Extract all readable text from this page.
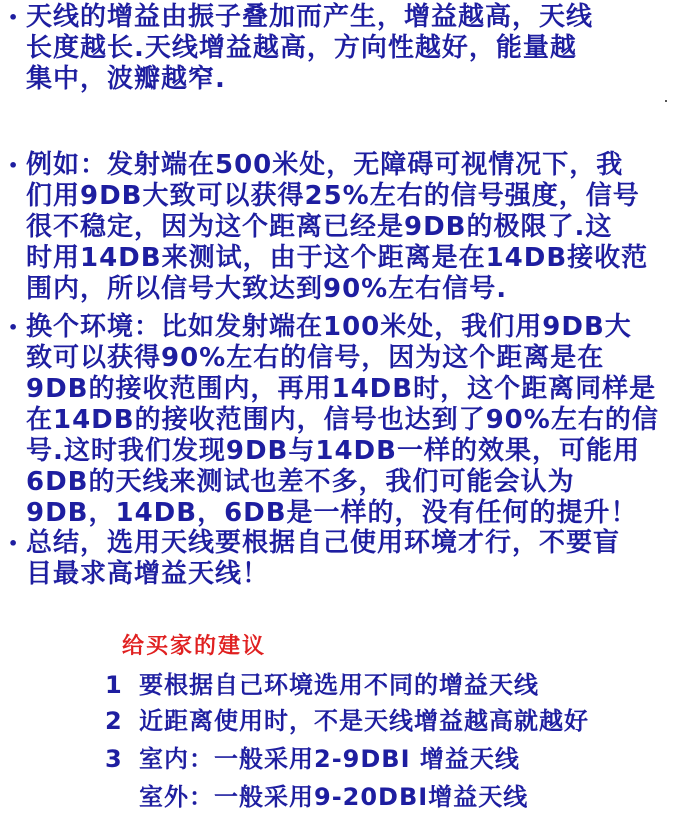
• 天线的增益由振子叠加而产生，增益越高，天线
长度越长.天线增益越高，方向性越好，能量越
集中，波瓣越窄.
• 例如：发射端在500米处，无障碍可视情况下，我
们用9DB大致可以获得25%左右的信号强度，信号
很不稳定，因为这个距离已经是9DB的极限了.这
时用14DB来测试，由于这个距离是在14DB接收范
围内，所以信号大致达到90%左右信号.
• 换个环境：比如发射端在100米处，我们用9DB大
致可以获得90%左右的信号，因为这个距离是在
9DB的接收范围内，再用14DB时，这个距离同样是
在14DB的接收范围内，信号也达到了90%左右的信
号.这时我们发现9DB与14DB一样的效果，可能用
6DB的天线来测试也差不多，我们可能会认为
9DB，14DB，6DB是一样的，没有任何的提升！
• 总结，选用天线要根据自己使用环境才行，不要盲
目最求高增益天线！
给买家的建议
1 要根据自己环境选用不同的增益天线
2 近距离使用时，不是天线增益越高就越好
3 室内：一般采用2-9DBI 增益天线
室外：一般采用9-20DBI增益天线
